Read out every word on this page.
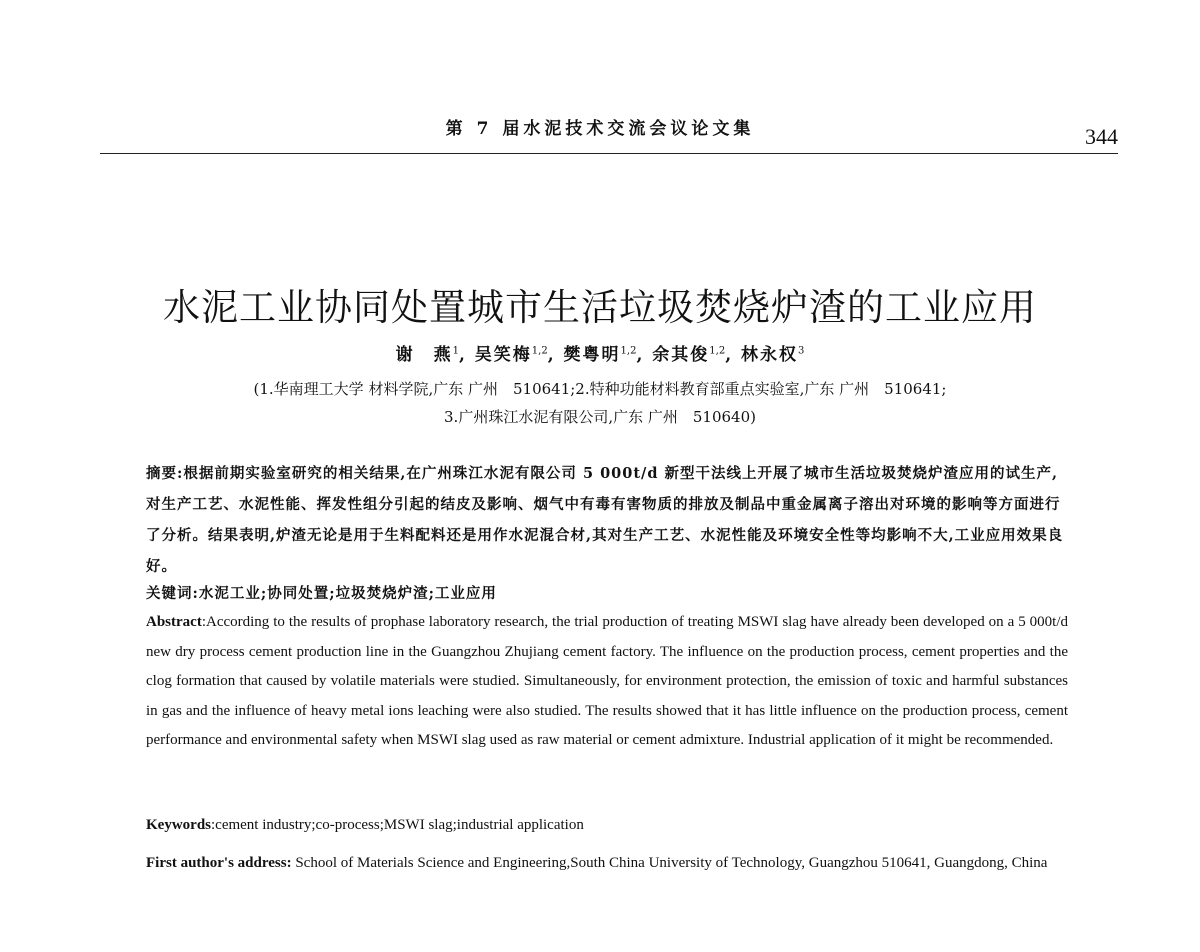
第 7 届水泥技术交流会议论文集	344
水泥工业协同处置城市生活垃圾焚烧炉渣的工业应用
谢　燕$^1$, 吴笑梅$^{1,2}$, 樊粤明$^{1,2}$, 余其俊$^{1,2}$, 林永权$^3$
(1.华南理工大学 材料学院,广东 广州　510641;2.特种功能材料教育部重点实验室,广东 广州　510641;
3.广州珠江水泥有限公司,广东 广州　510640)
摘要:根据前期实验室研究的相关结果,在广州珠江水泥有限公司 5 000t/d 新型干法线上开展了城市生活垃圾焚烧炉渣应用的试生产,对生产工艺、水泥性能、挥发性组分引起的结皮及影响、烟气中有毒有害物质的排放及制品中重金属离子溶出对环境的影响等方面进行了分析。结果表明,炉渣无论是用于生料配料还是用作水泥混合材,其对生产工艺、水泥性能及环境安全性等均影响不大,工业应用效果良好。
关键词:水泥工业;协同处置;垃圾焚烧炉渣;工业应用
Abstract:According to the results of prophase laboratory research, the trial production of treating MSWI slag have already been developed on a 5 000t/d new dry process cement production line in the Guangzhou Zhujiang cement factory. The influence on the production process, cement properties and the clog formation that caused by volatile materials were studied. Simultaneously, for environment protection, the emission of toxic and harmful substances in gas and the influence of heavy metal ions leaching were also studied. The results showed that it has little influence on the production process, cement performance and environmental safety when MSWI slag used as raw material or cement admixture. Industrial application of it might be recommended.
Keywords:cement industry;co-process;MSWI slag;industrial application
First author's address: School of Materials Science and Engineering,South China University of Technology, Guangzhou 510641, Guangdong, China
